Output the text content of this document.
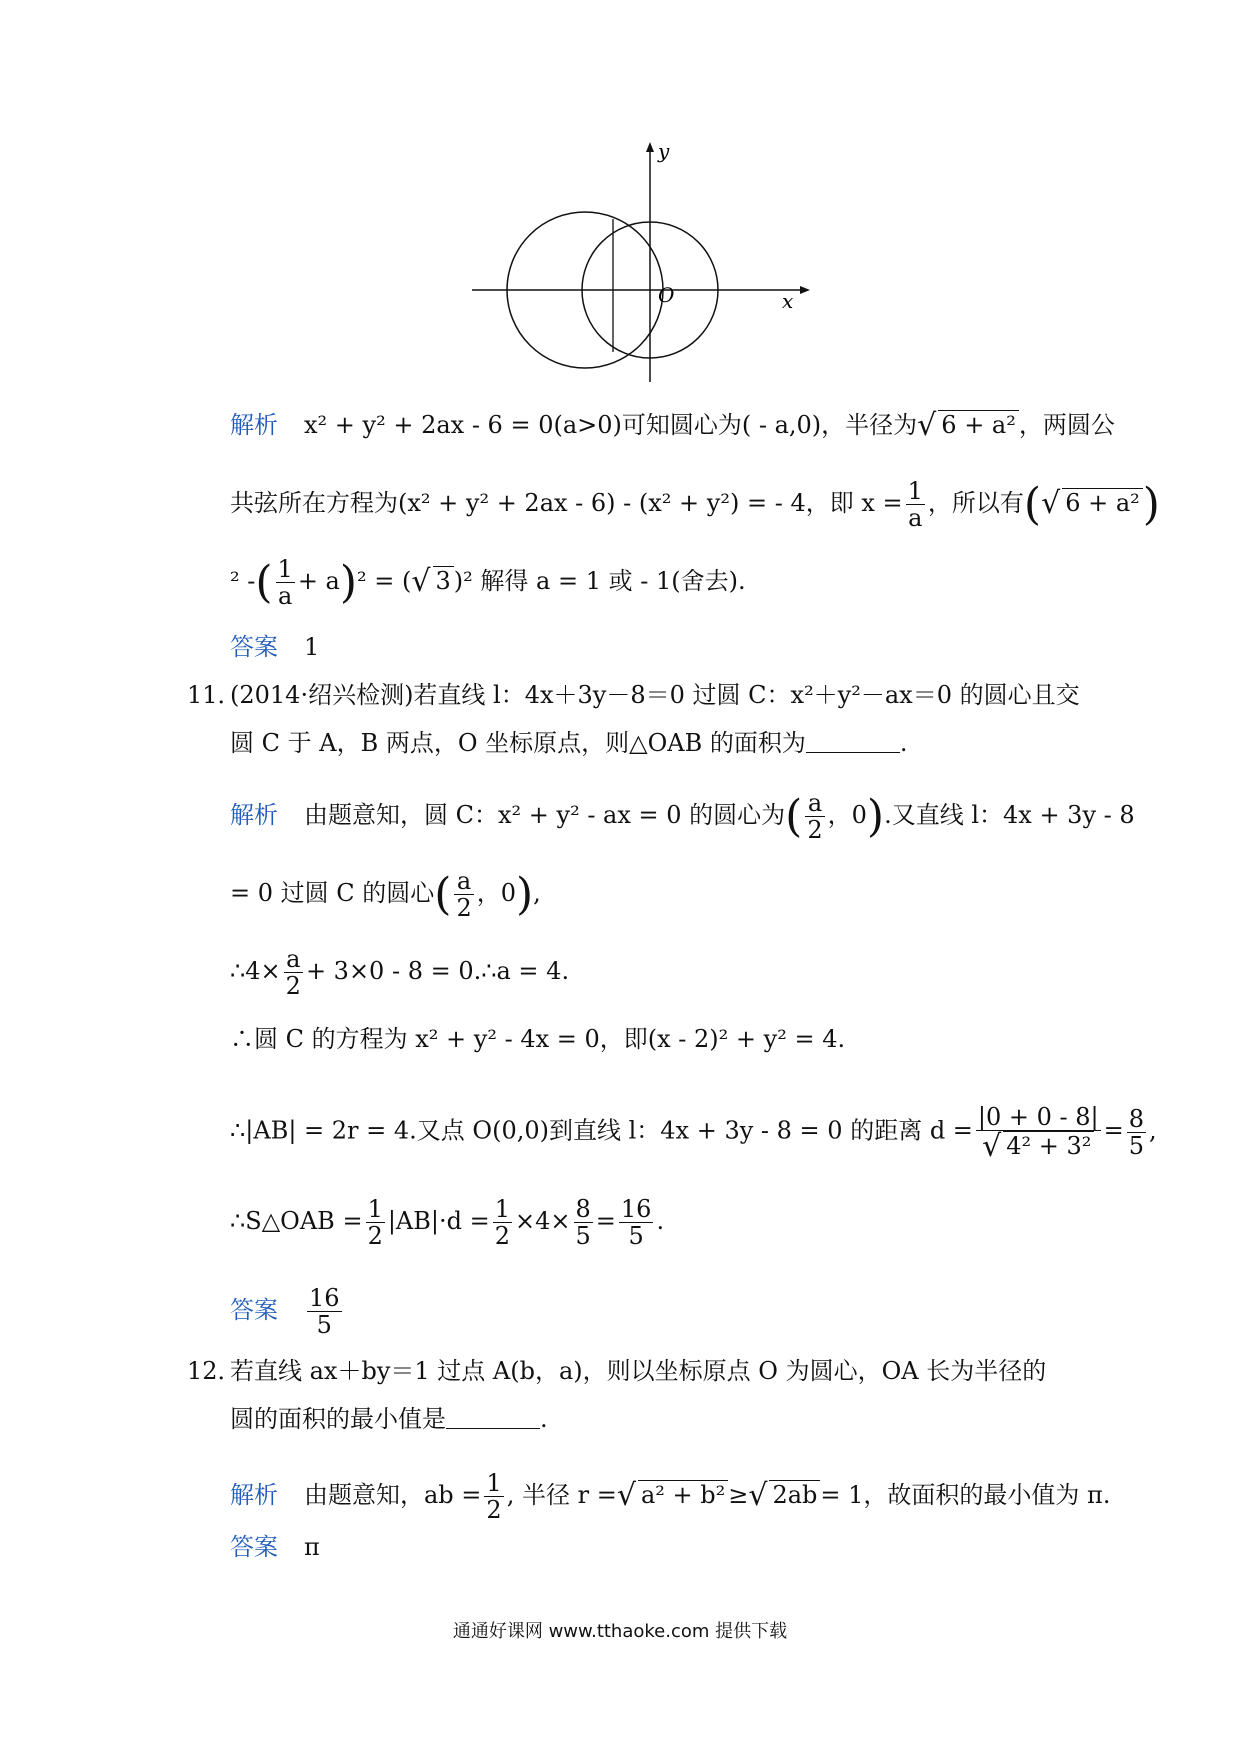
y
x
O
解析 x² + y² + 2ax - 6 = 0(a>0)可知圆心为( - a,0)，半径为√ 6 + a² ，两圆公
共弦所在方程为(x² + y² + 2ax - 6) - (x² + y²) = - 4，即 $x = \frac{1}{a}$ ，所以有(√ 6 + a²)
² -( $\frac{1}{a} + a)^2$ = (√ 3 )² 解得 a = 1 或 - 1(舍去).
答案 1
11．
(2014·绍兴检测)若直线 l：4x＋3y－8＝0 过圆 C：x²＋y²－ax＝0 的圆心且交
圆 C 于 A，B 两点，O 坐标原点，则△OAB 的面积为	.
解析 由题意知，圆 C：x² + y² - ax = 0 的圆心为( $\frac{a}{2}$ ，0).又直线 l：4x + 3y - 8
= 0 过圆 C 的圆心( $\frac{a}{2}$ ，0),
∴4× $\frac{a}{2} + 3\times 0 - 8$ = 0.∴a = 4.
∴圆 C 的方程为 x² + y² - 4x = 0，即(x - 2)² + y² = 4.
∴|AB| = 2r = 4.又点 O(0,0)到直线 l：4x + 3y - 8 = 0 的距离 $d = \frac{|0 + 0 - 8|}{\text{√ 4² + 3²}} = \frac{8}{5}$ ,
∴S△OAB = $\frac{1}{2} |AB|\cdot d = \frac{1}{2} \times 4\times \frac{8}{5} = \frac{16}{5}$ .
答案 $\frac{16}{5}$
12．
若直线 ax＋by＝1 过点 A(b，a)，则以坐标原点 O 为圆心，OA 长为半径的
圆的面积的最小值是	.
解析 由题意知，ab = $\frac{1}{2}$ , 半径 r =√ a² + b² ≥√ 2ab = 1，故面积的最小值为 π.
答案 π
通通好课网 www.tthaoke.com 提供下载
